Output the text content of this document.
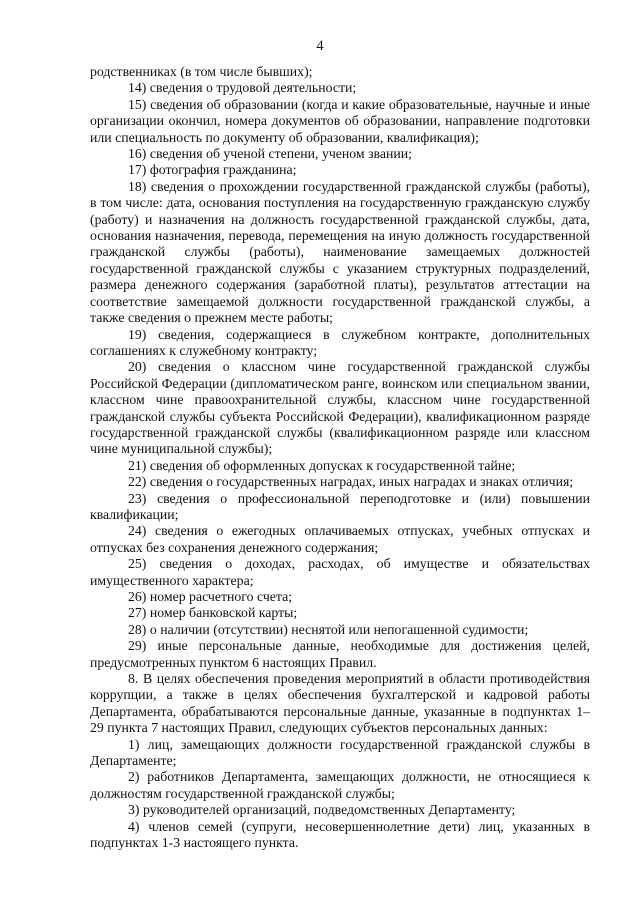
4

родственниках (в том числе бывших);

14) сведения о трудовой деятельности;

15) сведения об образовании (когда и какие образовательные, научные и иные организации окончил, номера документов об образовании, направление подготовки или специальность по документу об образовании, квалификация);

16) сведения об ученой степени, ученом звании;

17) фотография гражданина;

18) сведения о прохождении государственной гражданской службы (работы), в том числе: дата, основания поступления на государственную гражданскую службу (работу) и назначения на должность государственной гражданской службы, дата, основания назначения, перевода, перемещения на иную должность государственной гражданской службы (работы), наименование замещаемых должностей государственной гражданской службы с указанием структурных подразделений, размера денежного содержания (заработной платы), результатов аттестации на соответствие замещаемой должности государственной гражданской службы, а также сведения о прежнем месте работы;

19) сведения, содержащиеся в служебном контракте, дополнительных соглашениях к служебному контракту;

20) сведения о классном чине государственной гражданской службы Российской Федерации (дипломатическом ранге, воинском или специальном звании, классном чине правоохранительной службы, классном чине государственной гражданской службы субъекта Российской Федерации), квалификационном разряде государственной гражданской службы (квалификационном разряде или классном чине муниципальной службы);

21) сведения об оформленных допусках к государственной тайне;

22) сведения о государственных наградах, иных наградах и знаках отличия;

23) сведения о профессиональной переподготовке и (или) повышении квалификации;

24) сведения о ежегодных оплачиваемых отпусках, учебных отпусках и отпусках без сохранения денежного содержания;

25) сведения о доходах, расходах, об имуществе и обязательствах имущественного характера;

26) номер расчетного счета;

27) номер банковской карты;

28) о наличии (отсутствии) неснятой или непогашенной судимости;

29) иные персональные данные, необходимые для достижения целей, предусмотренных пунктом 6 настоящих Правил.

8. В целях обеспечения проведения мероприятий в области противодействия коррупции, а также в целях обеспечения бухгалтерской и кадровой работы Департамента, обрабатываются персональные данные, указанные в подпунктах 1–29 пункта 7 настоящих Правил, следующих субъектов персональных данных:

1) лиц, замещающих должности государственной гражданской службы в Департаменте;

2) работников Департамента, замещающих должности, не относящиеся к должностям государственной гражданской службы;

3) руководителей организаций, подведомственных Департаменту;

4) членов семей (супруги, несовершеннолетние дети) лиц, указанных в подпунктах 1-3 настоящего пункта.
